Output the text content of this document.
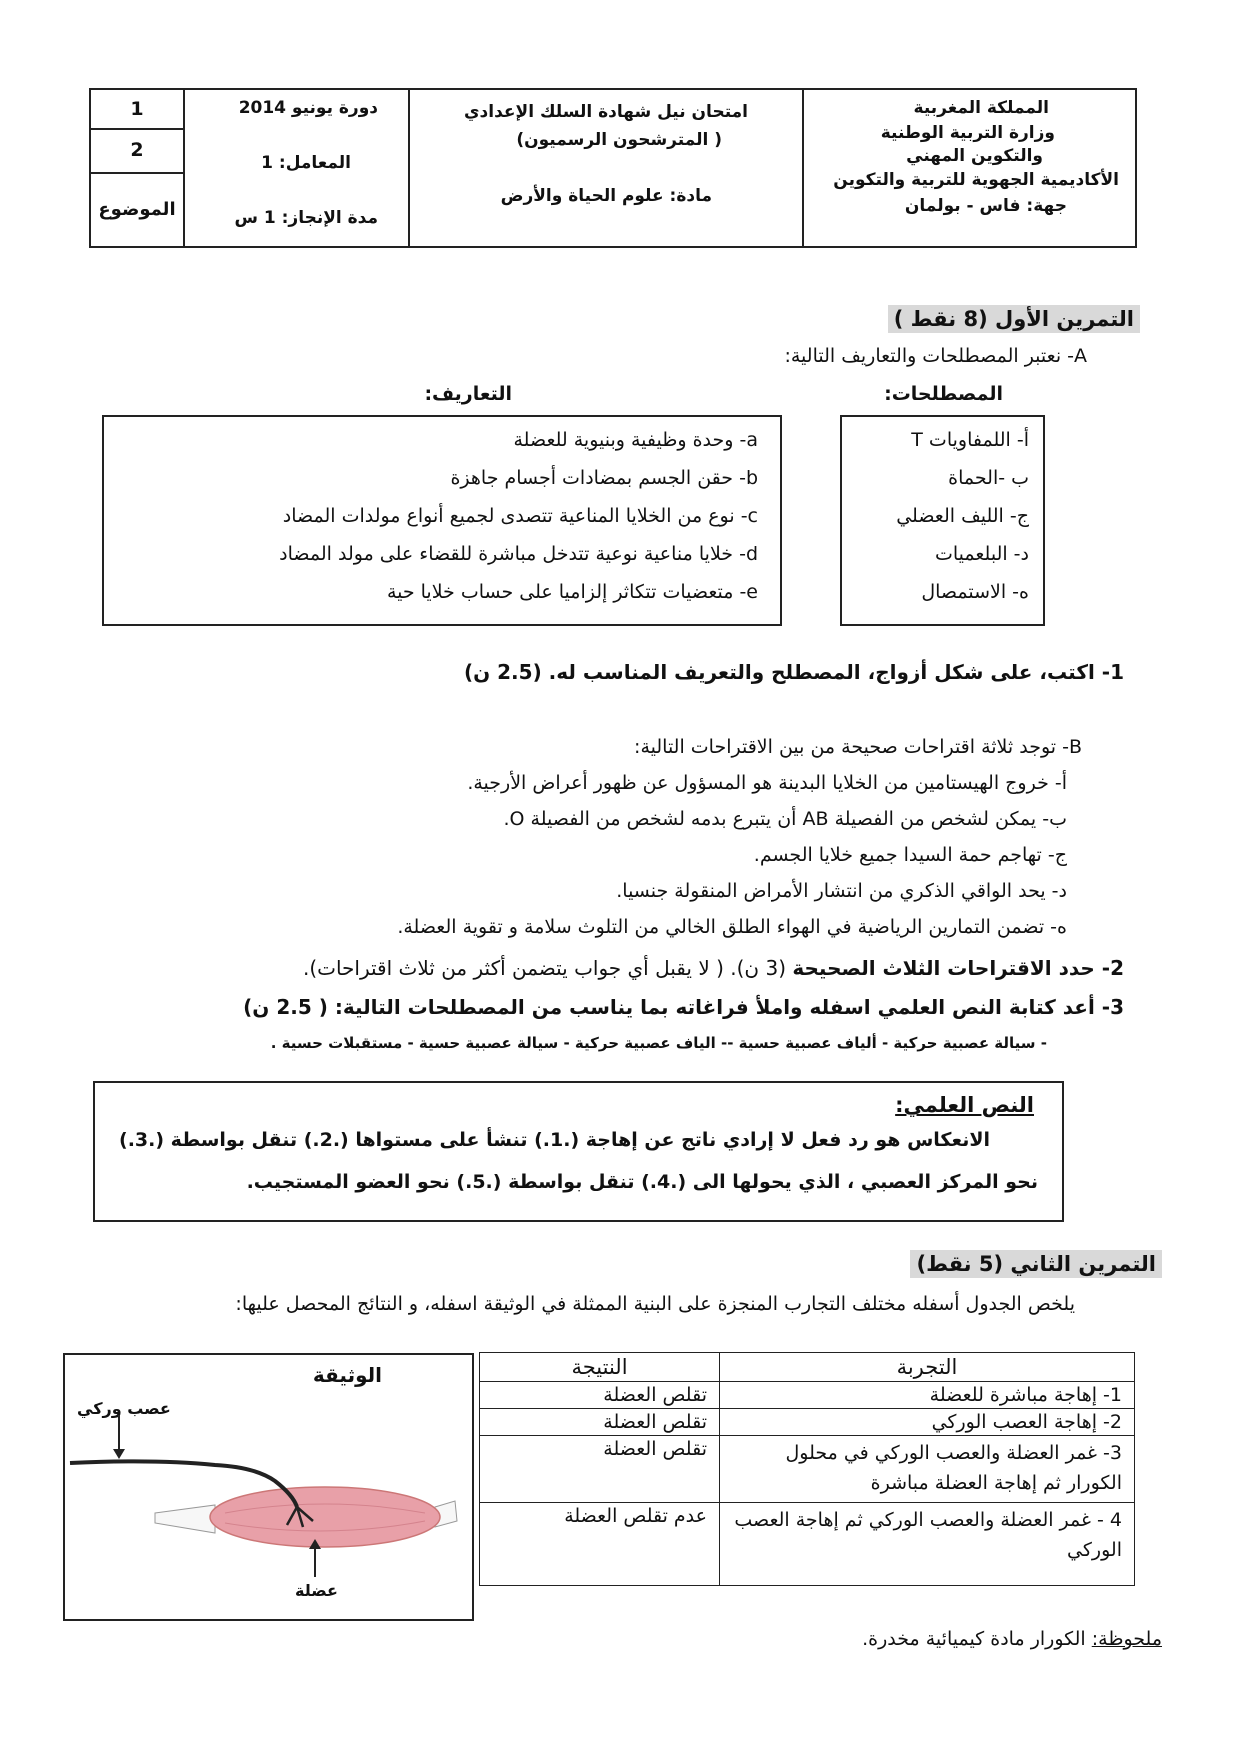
المملكة المغربية
وزارة التربية الوطنية
والتكوين المهني
الأكاديمية الجهوية للتربية والتكوين
جهة: فاس - بولمان
امتحان نيل شهادة السلك الإعدادي
( المترشحون الرسميون)
مادة: علوم الحياة والأرض
دورة يونيو 2014
المعامل: 1
مدة الإنجاز: 1 س
1
2
الموضوع
التمرين الأول (8 نقط )
A- نعتبر المصطلحات والتعاريف التالية:
المصطلحات:
التعاريف:
أ- اللمفاويات T
ب -الحماة
ج- الليف العضلي
د- البلعميات
ه- الاستمصال
a- وحدة وظيفية وبنيوية للعضلة
b- حقن الجسم بمضادات أجسام جاهزة
c- نوع من الخلايا المناعية تتصدى لجميع أنواع مولدات المضاد
d- خلايا مناعية نوعية تتدخل مباشرة للقضاء على مولد المضاد
e- متعضيات تتكاثر إلزاميا على حساب خلايا حية
1- اكتب، على شكل أزواج، المصطلح والتعريف المناسب له. (2.5 ن)
B- توجد ثلاثة اقتراحات صحيحة من بين الاقتراحات التالية:
أ- خروج الهيستامين من الخلايا البدينة هو المسؤول عن ظهور أعراض الأرجية.
ب- يمكن لشخص من الفصيلة AB أن يتبرع بدمه لشخص من الفصيلة O.
ج- تهاجم حمة السيدا جميع خلايا الجسم.
د- يحد الواقي الذكري من انتشار الأمراض المنقولة جنسيا.
ه- تضمن التمارين الرياضية في الهواء الطلق الخالي من التلوث سلامة و تقوية العضلة.
2- حدد الاقتراحات الثلاث الصحيحة (3 ن). ( لا يقبل أي جواب يتضمن أكثر من ثلاث اقتراحات).
3- أعد كتابة النص العلمي اسفله واملأ فراغاته بما يناسب من المصطلحات التالية: ( 2.5 ن)
- سيالة عصبية حركية - ألياف عصبية حسية -- الياف عصبية حركية - سيالة عصبية حسية - مستقبلات حسية .
النص العلمي:
الانعكاس هو رد فعل لا إرادي ناتج عن إهاجة (.1.) تنشأ على مستواها (.2.) تنقل بواسطة (.3.)
نحو المركز العصبي ، الذي يحولها الى (.4.) تنقل بواسطة (.5.) نحو العضو المستجيب.
التمرين الثاني (5 نقط)
يلخص الجدول أسفله مختلف التجارب المنجزة على البنية الممثلة في الوثيقة اسفله، و النتائج المحصل عليها:
الوثيقة
عصب وركي
عضلة
التجربة	النتيجة
1- إهاجة مباشرة للعضلة	تقلص العضلة
2- إهاجة العصب الوركي	تقلص العضلة
3- غمر العضلة والعصب الوركي في محلول الكورار ثم إهاجة العضلة مباشرة	تقلص العضلة
4 - غمر العضلة والعصب الوركي ثم إهاجة العصب الوركي	عدم تقلص العضلة
ملحوظة: الكورار مادة كيميائية مخدرة.
